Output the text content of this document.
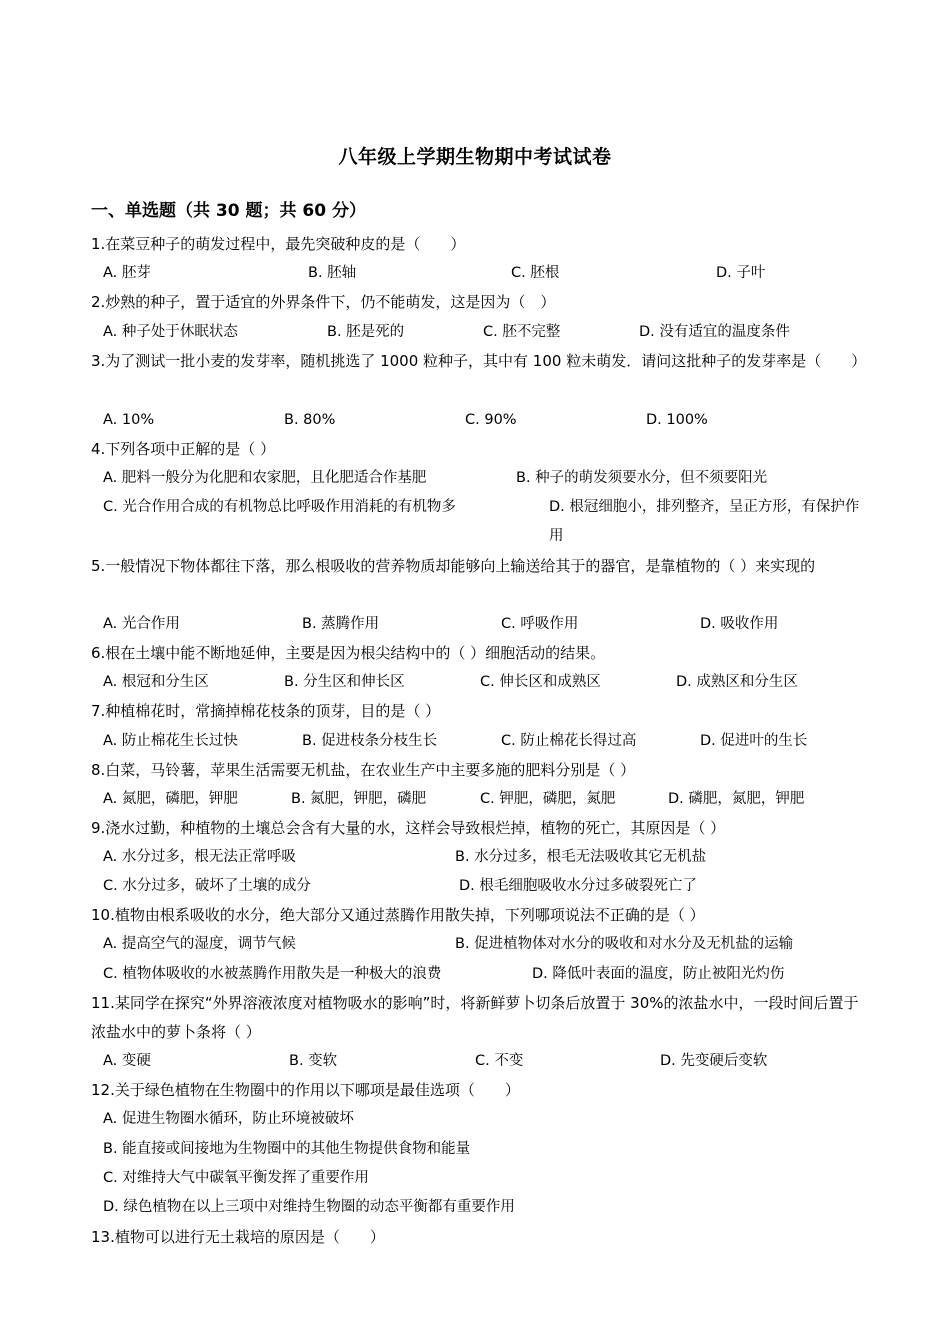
八年级上学期生物期中考试试卷
一、单选题（共 30 题；共 60 分）
1.在菜豆种子的萌发过程中，最先突破种皮的是（　　）
A. 胚芽	B. 胚轴	C. 胚根	D. 子叶
2.炒熟的种子，置于适宜的外界条件下，仍不能萌发，这是因为（　）
A. 种子处于休眠状态	B. 胚是死的	C. 胚不完整	D. 没有适宜的温度条件
3.为了测试一批小麦的发芽率，随机挑选了 1000 粒种子，其中有 100 粒未萌发．请问这批种子的发芽率是（　　）
A. 10%	B. 80%	C. 90%	D. 100%
4.下列各项中正解的是（ ）
A. 肥料一般分为化肥和农家肥，且化肥适合作基肥	B. 种子的萌发须要水分，但不须要阳光
C. 光合作用合成的有机物总比呼吸作用消耗的有机物多	D. 根冠细胞小，排列整齐，呈正方形，有保护作用
5.一般情况下物体都往下落，那么根吸收的营养物质却能够向上输送给其于的器官，是靠植物的（ ）来实现的
A. 光合作用	B. 蒸腾作用	C. 呼吸作用	D. 吸收作用
6.根在土壤中能不断地延伸，主要是因为根尖结构中的（ ）细胞活动的结果。
A. 根冠和分生区	B. 分生区和伸长区	C. 伸长区和成熟区	D. 成熟区和分生区
7.种植棉花时，常摘掉棉花枝条的顶芽，目的是（ ）
A. 防止棉花生长过快	B. 促进枝条分枝生长	C. 防止棉花长得过高	D. 促进叶的生长
8.白菜，马铃薯，苹果生活需要无机盐，在农业生产中主要多施的肥料分别是（ ）
A. 氮肥，磷肥，钾肥	B. 氮肥，钾肥，磷肥	C. 钾肥，磷肥，氮肥	D. 磷肥，氮肥，钾肥
9.浇水过勤，种植物的土壤总会含有大量的水，这样会导致根烂掉，植物的死亡，其原因是（ ）
A. 水分过多，根无法正常呼吸	B. 水分过多，根毛无法吸收其它无机盐
C. 水分过多，破坏了土壤的成分	D. 根毛细胞吸收水分过多破裂死亡了
10.植物由根系吸收的水分，绝大部分又通过蒸腾作用散失掉，下列哪项说法不正确的是（ ）
A. 提高空气的湿度，调节气候	B. 促进植物体对水分的吸收和对水分及无机盐的运输
C. 植物体吸收的水被蒸腾作用散失是一种极大的浪费	D. 降低叶表面的温度，防止被阳光灼伤
11.某同学在探究“外界溶液浓度对植物吸水的影响”时，将新鲜萝卜切条后放置于 30%的浓盐水中，一段时间后置于浓盐水中的萝卜条将（ ）
A. 变硬	B. 变软	C. 不变	D. 先变硬后变软
12.关于绿色植物在生物圈中的作用以下哪项是最佳选项（　　）
A. 促进生物圈水循环，防止环境被破坏
B. 能直接或间接地为生物圈中的其他生物提供食物和能量
C. 对维持大气中碳氧平衡发挥了重要作用
D. 绿色植物在以上三项中对维持生物圈的动态平衡都有重要作用
13.植物可以进行无土栽培的原因是（　　）
